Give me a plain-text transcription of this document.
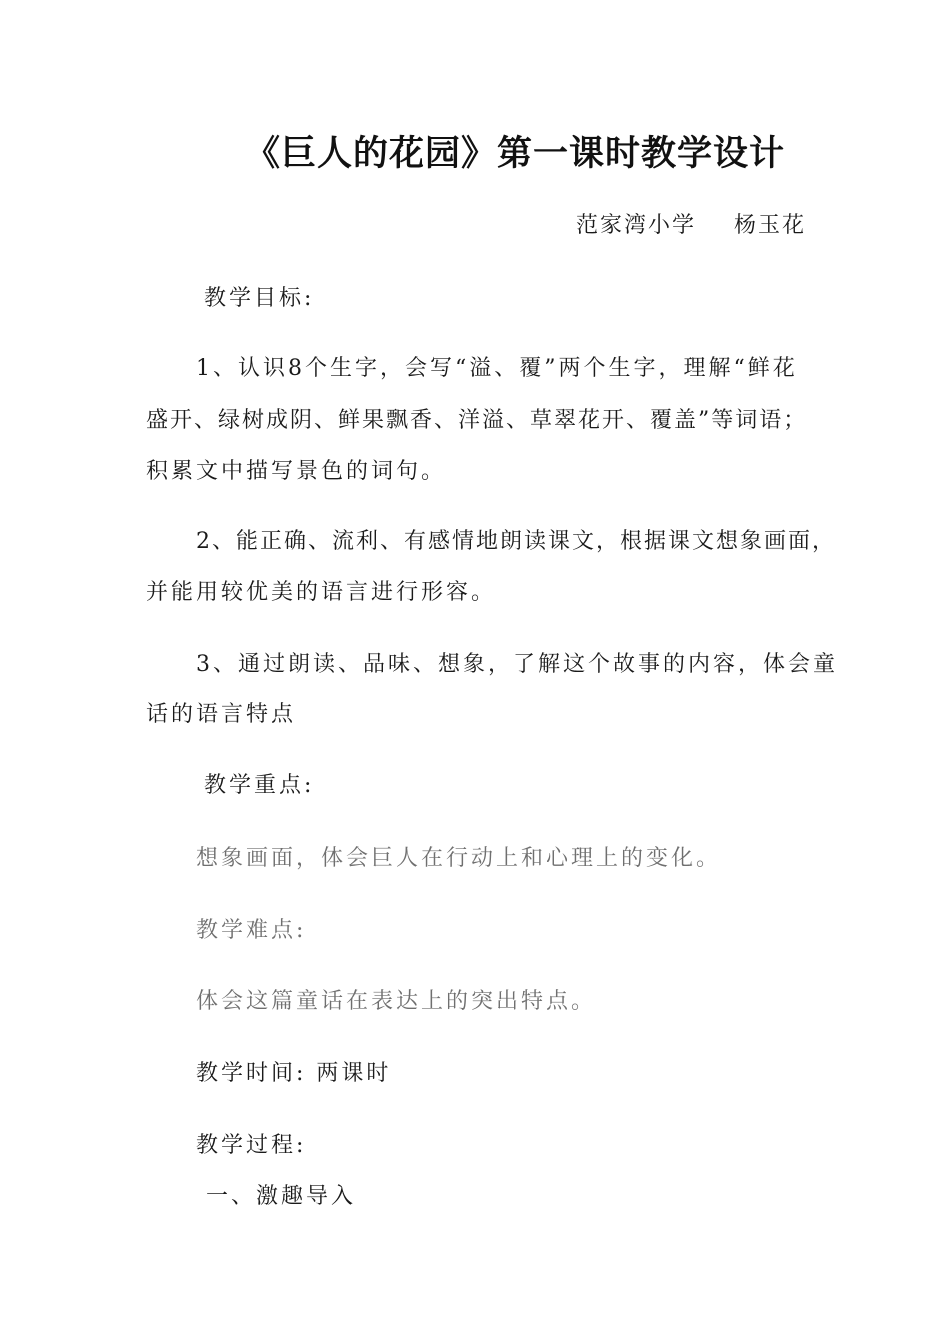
《巨人的花园》第一课时教学设计

范家湾小学 杨玉花

教学目标:

1、认识8个生字，会写“溢、覆”两个生字，理解“鲜花

盛开、绿树成阴、鲜果飘香、洋溢、草翠花开、覆盖”等词语；

积累文中描写景色的词句。

2、能正确、流利、有感情地朗读课文，根据课文想象画面，

并能用较优美的语言进行形容。

3、通过朗读、品味、想象，了解这个故事的内容，体会童

话的语言特点

教学重点:

想象画面，体会巨人在行动上和心理上的变化。

教学难点:

体会这篇童话在表达上的突出特点。

教学时间: 两课时

教学过程:

一、激趣导入
